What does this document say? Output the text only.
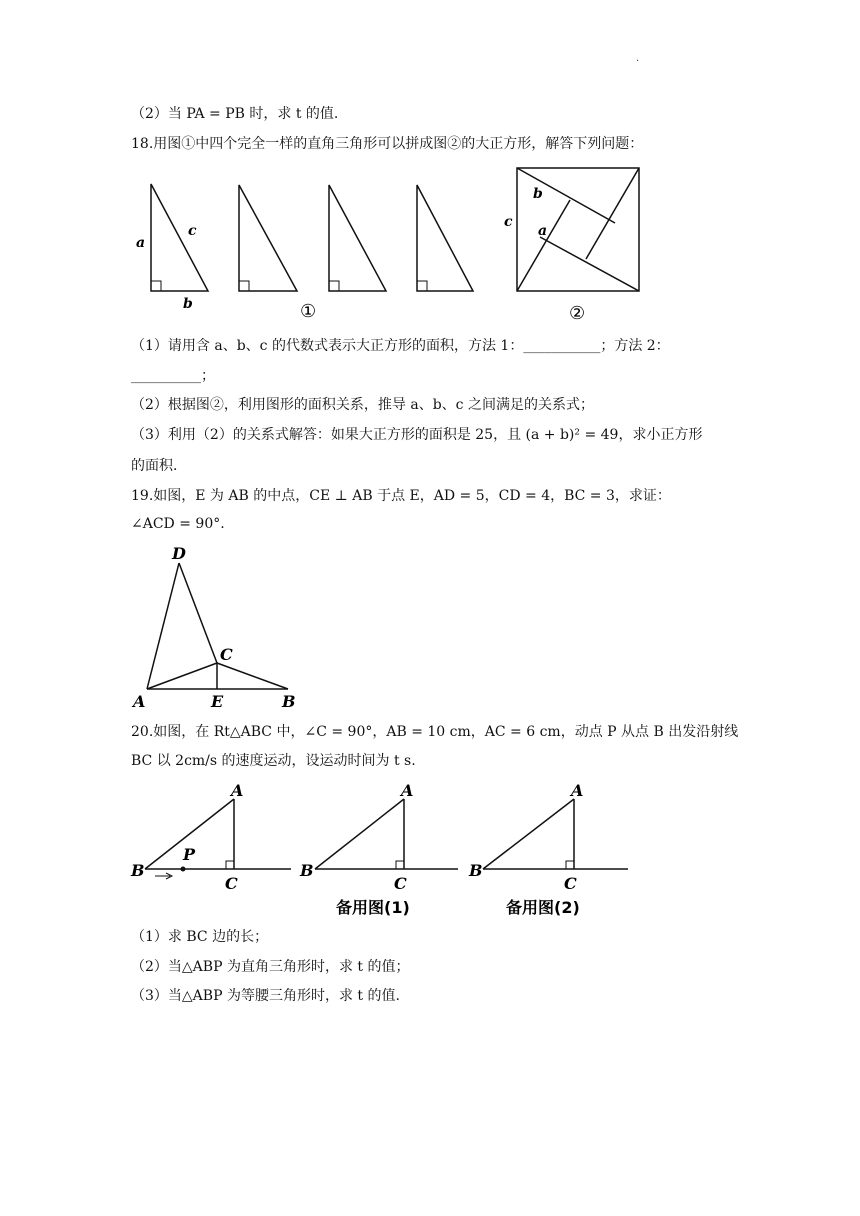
·
（2）当 PA = PB 时，求 t 的值.
18.用图①中四个完全一样的直角三角形可以拼成图②的大正方形，解答下列问题：
a
c
b	①
b
a
c
②
（1）请用含 a、b、c 的代数式表示大正方形的面积，方法 1：___________；方法 2：
__________；
（2）根据图②，利用图形的面积关系，推导 a、b、c 之间满足的关系式；
（3）利用（2）的关系式解答：如果大正方形的面积是 25，且 (a + b)² = 49，求小正方形
的面积.
19.如图，E 为 AB 的中点，CE ⊥ AB 于点 E，AD = 5，CD = 4，BC = 3，求证：
∠ACD = 90°.
D
C
A	E	B
20.如图，在 Rt△ABC 中，∠C = 90°，AB = 10 cm，AC = 6 cm，动点 P 从点 B 出发沿射线
BC 以 2cm/s 的速度运动，设运动时间为 t s.
A
B
C
P
A
B
C
备用图(1)
A
B
C
备用图(2)
（1）求 BC 边的长；
（2）当△ABP 为直角三角形时，求 t 的值；
（3）当△ABP 为等腰三角形时，求 t 的值.
